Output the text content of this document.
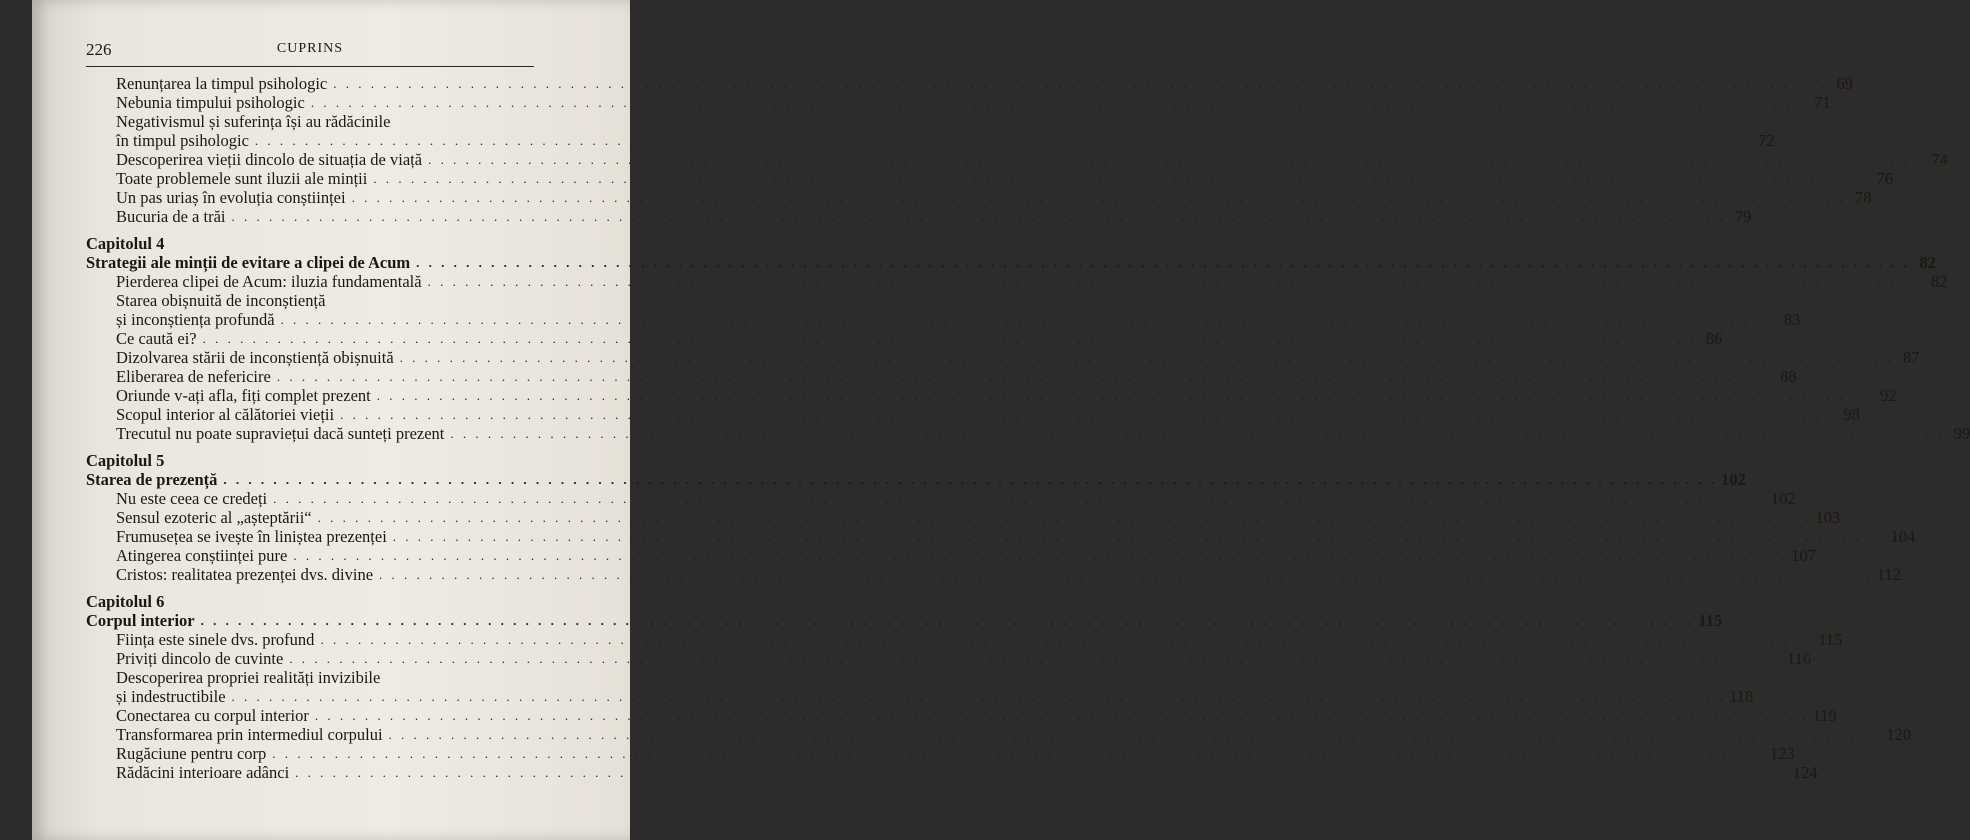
226	CUPRINS
Renunțarea la timpul psihologic . . . . . . . . . . . . . . . . . . . . . . . . . . . . . . . . . . . . . . . . . . . . . . . . . . . . . . . . . . . . . . . . . . . . . . . . . . . . . . . . . . . . . . . . . . . . . . . . . . . . . . . . . . . . . . . . . . . . . . . . 69
Nebunia timpului psihologic . . . . . . . . . . . . . . . . . . . . . . . . . . . . . . . . . . . . . . . . . . . . . . . . . . . . . . . . . . . . . . . . . . . . . . . . . . . . . . . . . . . . . . . . . . . . . . . . . . . . . . . . . . . . . . . . . . . . . . . . 71
Negativismul și suferința își au rădăcinile
în timpul psihologic . . . . . . . . . . . . . . . . . . . . . . . . . . . . . . . . . . . . . . . . . . . . . . . . . . . . . . . . . . . . . . . . . . . . . . . . . . . . . . . . . . . . . . . . . . . . . . . . . . . . . . . . . . . . . . . . . . . . . . . . 72
Descoperirea vieții dincolo de situația de viață . . . . . . . . . . . . . . . . . . . . . . . . . . . . . . . . . . . . . . . . . . . . . . . . . . . . . . . . . . . . . . . . . . . . . . . . . . . . . . . . . . . . . . . . . . . . . . . . . . . . . . . . . . . . . . . . . . . . . . . . 74
Toate problemele sunt iluzii ale minții . . . . . . . . . . . . . . . . . . . . . . . . . . . . . . . . . . . . . . . . . . . . . . . . . . . . . . . . . . . . . . . . . . . . . . . . . . . . . . . . . . . . . . . . . . . . . . . . . . . . . . . . . . . . . . . . . . . . . . . . 76
Un pas uriaș în evoluția conștiinței . . . . . . . . . . . . . . . . . . . . . . . . . . . . . . . . . . . . . . . . . . . . . . . . . . . . . . . . . . . . . . . . . . . . . . . . . . . . . . . . . . . . . . . . . . . . . . . . . . . . . . . . . . . . . . . . . . . . . . . . 78
Bucuria de a trăi . . . . . . . . . . . . . . . . . . . . . . . . . . . . . . . . . . . . . . . . . . . . . . . . . . . . . . . . . . . . . . . . . . . . . . . . . . . . . . . . . . . . . . . . . . . . . . . . . . . . . . . . . . . . . . . . . . . . . . . . 79
Capitolul 4
Strategii ale minții de evitare a clipei de Acum . . . . . . . . . . . . . . . . . . . . . . . . . . . . . . . . . . . . . . . . . . . . . . . . . . . . . . . . . . . . . . . . . . . . . . . . . . . . . . . . . . . . . . . . . . . . . . . . . . . . . . . . . . . . . . . . . . . . . . . . 82
Pierderea clipei de Acum: iluzia fundamentală . . . . . . . . . . . . . . . . . . . . . . . . . . . . . . . . . . . . . . . . . . . . . . . . . . . . . . . . . . . . . . . . . . . . . . . . . . . . . . . . . . . . . . . . . . . . . . . . . . . . . . . . . . . . . . . . . . . . . . . . 82
Starea obișnuită de inconștiență
și inconștiența profundă . . . . . . . . . . . . . . . . . . . . . . . . . . . . . . . . . . . . . . . . . . . . . . . . . . . . . . . . . . . . . . . . . . . . . . . . . . . . . . . . . . . . . . . . . . . . . . . . . . . . . . . . . . . . . . . . . . . . . . . . 83
Ce caută ei? . . . . . . . . . . . . . . . . . . . . . . . . . . . . . . . . . . . . . . . . . . . . . . . . . . . . . . . . . . . . . . . . . . . . . . . . . . . . . . . . . . . . . . . . . . . . . . . . . . . . . . . . . . . . . . . . . . . . . . . . 86
Dizolvarea stării de inconștiență obișnuită . . . . . . . . . . . . . . . . . . . . . . . . . . . . . . . . . . . . . . . . . . . . . . . . . . . . . . . . . . . . . . . . . . . . . . . . . . . . . . . . . . . . . . . . . . . . . . . . . . . . . . . . . . . . . . . . . . . . . . . . 87
Eliberarea de nefericire . . . . . . . . . . . . . . . . . . . . . . . . . . . . . . . . . . . . . . . . . . . . . . . . . . . . . . . . . . . . . . . . . . . . . . . . . . . . . . . . . . . . . . . . . . . . . . . . . . . . . . . . . . . . . . . . . . . . . . . . 88
Oriunde v-ați afla, fiți complet prezent . . . . . . . . . . . . . . . . . . . . . . . . . . . . . . . . . . . . . . . . . . . . . . . . . . . . . . . . . . . . . . . . . . . . . . . . . . . . . . . . . . . . . . . . . . . . . . . . . . . . . . . . . . . . . . . . . . . . . . . . 92
Scopul interior al călătoriei vieții . . . . . . . . . . . . . . . . . . . . . . . . . . . . . . . . . . . . . . . . . . . . . . . . . . . . . . . . . . . . . . . . . . . . . . . . . . . . . . . . . . . . . . . . . . . . . . . . . . . . . . . . . . . . . . . . . . . . . . . . 98
Trecutul nu poate supraviețui dacă sunteți prezent . . . . . . . . . . . . . . . . . . . . . . . . . . . . . . . . . . . . . . . . . . . . . . . . . . . . . . . . . . . . . . . . . . . . . . . . . . . . . . . . . . . . . . . . . . . . . . . . . . . . . . . . . . . . . . . . . . . . . . . . 99
Capitolul 5
Starea de prezență . . . . . . . . . . . . . . . . . . . . . . . . . . . . . . . . . . . . . . . . . . . . . . . . . . . . . . . . . . . . . . . . . . . . . . . . . . . . . . . . . . . . . . . . . . . . . . . . . . . . . . . . . . . . . . . . . . . . . . . . 102
Nu este ceea ce credeți . . . . . . . . . . . . . . . . . . . . . . . . . . . . . . . . . . . . . . . . . . . . . . . . . . . . . . . . . . . . . . . . . . . . . . . . . . . . . . . . . . . . . . . . . . . . . . . . . . . . . . . . . . . . . . . . . . . . . . . . 102
Sensul ezoteric al „așteptării“ . . . . . . . . . . . . . . . . . . . . . . . . . . . . . . . . . . . . . . . . . . . . . . . . . . . . . . . . . . . . . . . . . . . . . . . . . . . . . . . . . . . . . . . . . . . . . . . . . . . . . . . . . . . . . . . . . . . . . . . . 103
Frumusețea se ivește în liniștea prezenței . . . . . . . . . . . . . . . . . . . . . . . . . . . . . . . . . . . . . . . . . . . . . . . . . . . . . . . . . . . . . . . . . . . . . . . . . . . . . . . . . . . . . . . . . . . . . . . . . . . . . . . . . . . . . . . . . . . . . . . . 104
Atingerea conștiinței pure . . . . . . . . . . . . . . . . . . . . . . . . . . . . . . . . . . . . . . . . . . . . . . . . . . . . . . . . . . . . . . . . . . . . . . . . . . . . . . . . . . . . . . . . . . . . . . . . . . . . . . . . . . . . . . . . . . . . . . . . 107
Cristos: realitatea prezenței dvs. divine . . . . . . . . . . . . . . . . . . . . . . . . . . . . . . . . . . . . . . . . . . . . . . . . . . . . . . . . . . . . . . . . . . . . . . . . . . . . . . . . . . . . . . . . . . . . . . . . . . . . . . . . . . . . . . . . . . . . . . . . 112
Capitolul 6
Corpul interior . . . . . . . . . . . . . . . . . . . . . . . . . . . . . . . . . . . . . . . . . . . . . . . . . . . . . . . . . . . . . . . . . . . . . . . . . . . . . . . . . . . . . . . . . . . . . . . . . . . . . . . . . . . . . . . . . . . . . . . . 115
Ființa este sinele dvs. profund . . . . . . . . . . . . . . . . . . . . . . . . . . . . . . . . . . . . . . . . . . . . . . . . . . . . . . . . . . . . . . . . . . . . . . . . . . . . . . . . . . . . . . . . . . . . . . . . . . . . . . . . . . . . . . . . . . . . . . . . 115
Priviți dincolo de cuvinte . . . . . . . . . . . . . . . . . . . . . . . . . . . . . . . . . . . . . . . . . . . . . . . . . . . . . . . . . . . . . . . . . . . . . . . . . . . . . . . . . . . . . . . . . . . . . . . . . . . . . . . . . . . . . . . . . . . . . . . . 116
Descoperirea propriei realități invizibile
și indestructibile . . . . . . . . . . . . . . . . . . . . . . . . . . . . . . . . . . . . . . . . . . . . . . . . . . . . . . . . . . . . . . . . . . . . . . . . . . . . . . . . . . . . . . . . . . . . . . . . . . . . . . . . . . . . . . . . . . . . . . . . 118
Conectarea cu corpul interior . . . . . . . . . . . . . . . . . . . . . . . . . . . . . . . . . . . . . . . . . . . . . . . . . . . . . . . . . . . . . . . . . . . . . . . . . . . . . . . . . . . . . . . . . . . . . . . . . . . . . . . . . . . . . . . . . . . . . . . . 119
Transformarea prin intermediul corpului . . . . . . . . . . . . . . . . . . . . . . . . . . . . . . . . . . . . . . . . . . . . . . . . . . . . . . . . . . . . . . . . . . . . . . . . . . . . . . . . . . . . . . . . . . . . . . . . . . . . . . . . . . . . . . . . . . . . . . . . 120
Rugăciune pentru corp . . . . . . . . . . . . . . . . . . . . . . . . . . . . . . . . . . . . . . . . . . . . . . . . . . . . . . . . . . . . . . . . . . . . . . . . . . . . . . . . . . . . . . . . . . . . . . . . . . . . . . . . . . . . . . . . . . . . . . . . 123
Rădăcini interioare adânci . . . . . . . . . . . . . . . . . . . . . . . . . . . . . . . . . . . . . . . . . . . . . . . . . . . . . . . . . . . . . . . . . . . . . . . . . . . . . . . . . . . . . . . . . . . . . . . . . . . . . . . . . . . . . . . . . . . . . . . . 124
